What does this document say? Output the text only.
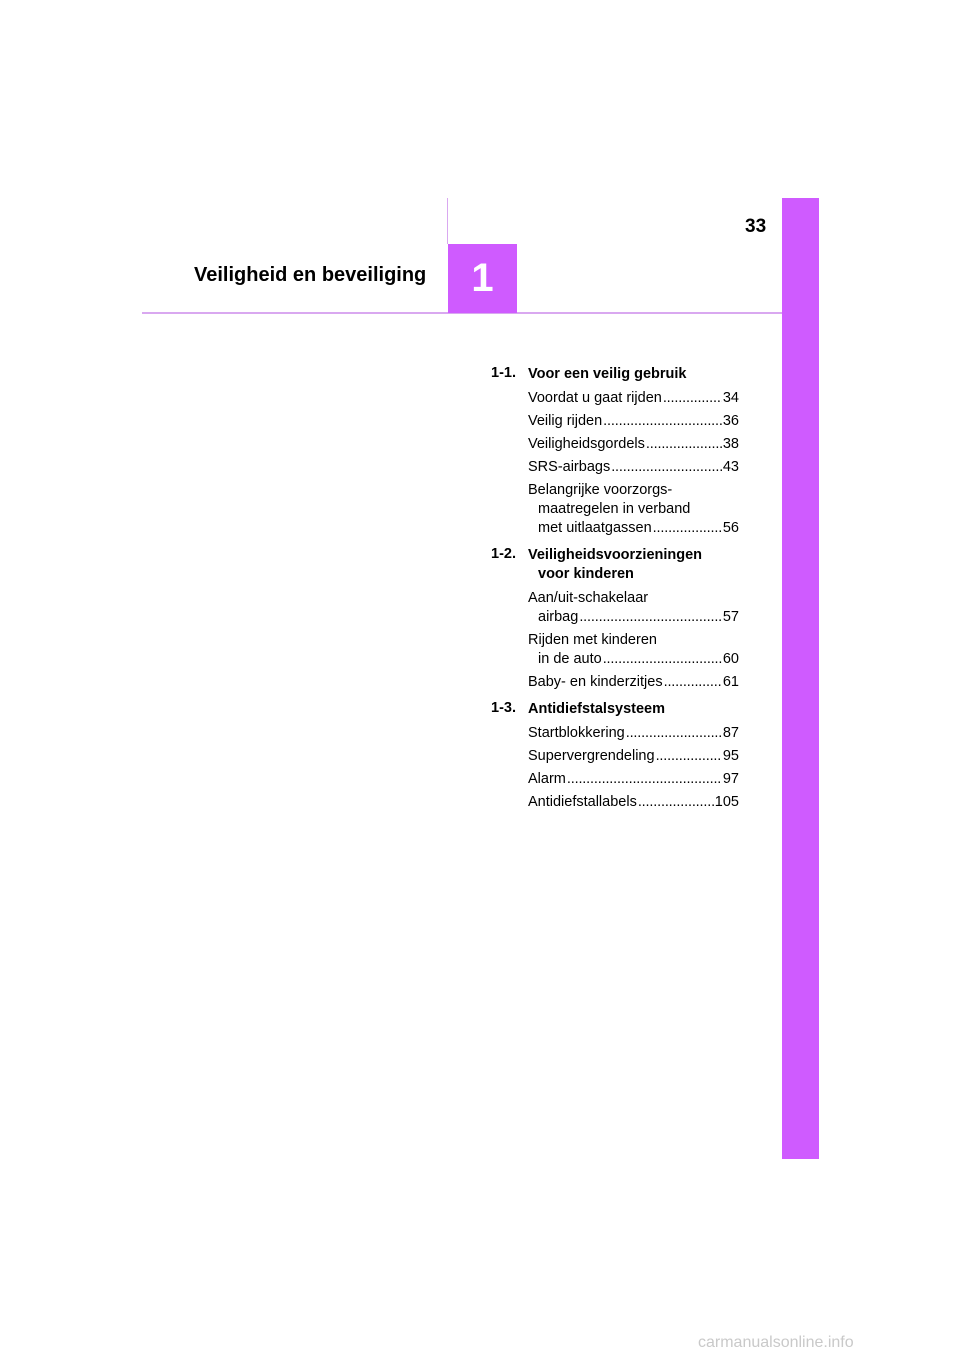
33
1
Veiligheid en beveiliging
1-1. Voor een veilig gebruik
Voordat u gaat rijden . . .	34
Veilig rijden . . .	36
Veiligheidsgordels . . .	38
SRS-airbags . . .	43
Belangrijke voorzorgs-
maatregelen in verband
met uitlaatgassen . . .	56
1-2. Veiligheidsvoorzieningen
voor kinderen
Aan/uit-schakelaar
airbag . . .	57
Rijden met kinderen
in de auto . . .	60
Baby- en kinderzitjes . . .	61
1-3. Antidiefstalsysteem
Startblokkering . . .	87
Supervergrendeling . . .	95
Alarm . . .	97
Antidiefstallabels . . .	105
carmanualsonline.info
